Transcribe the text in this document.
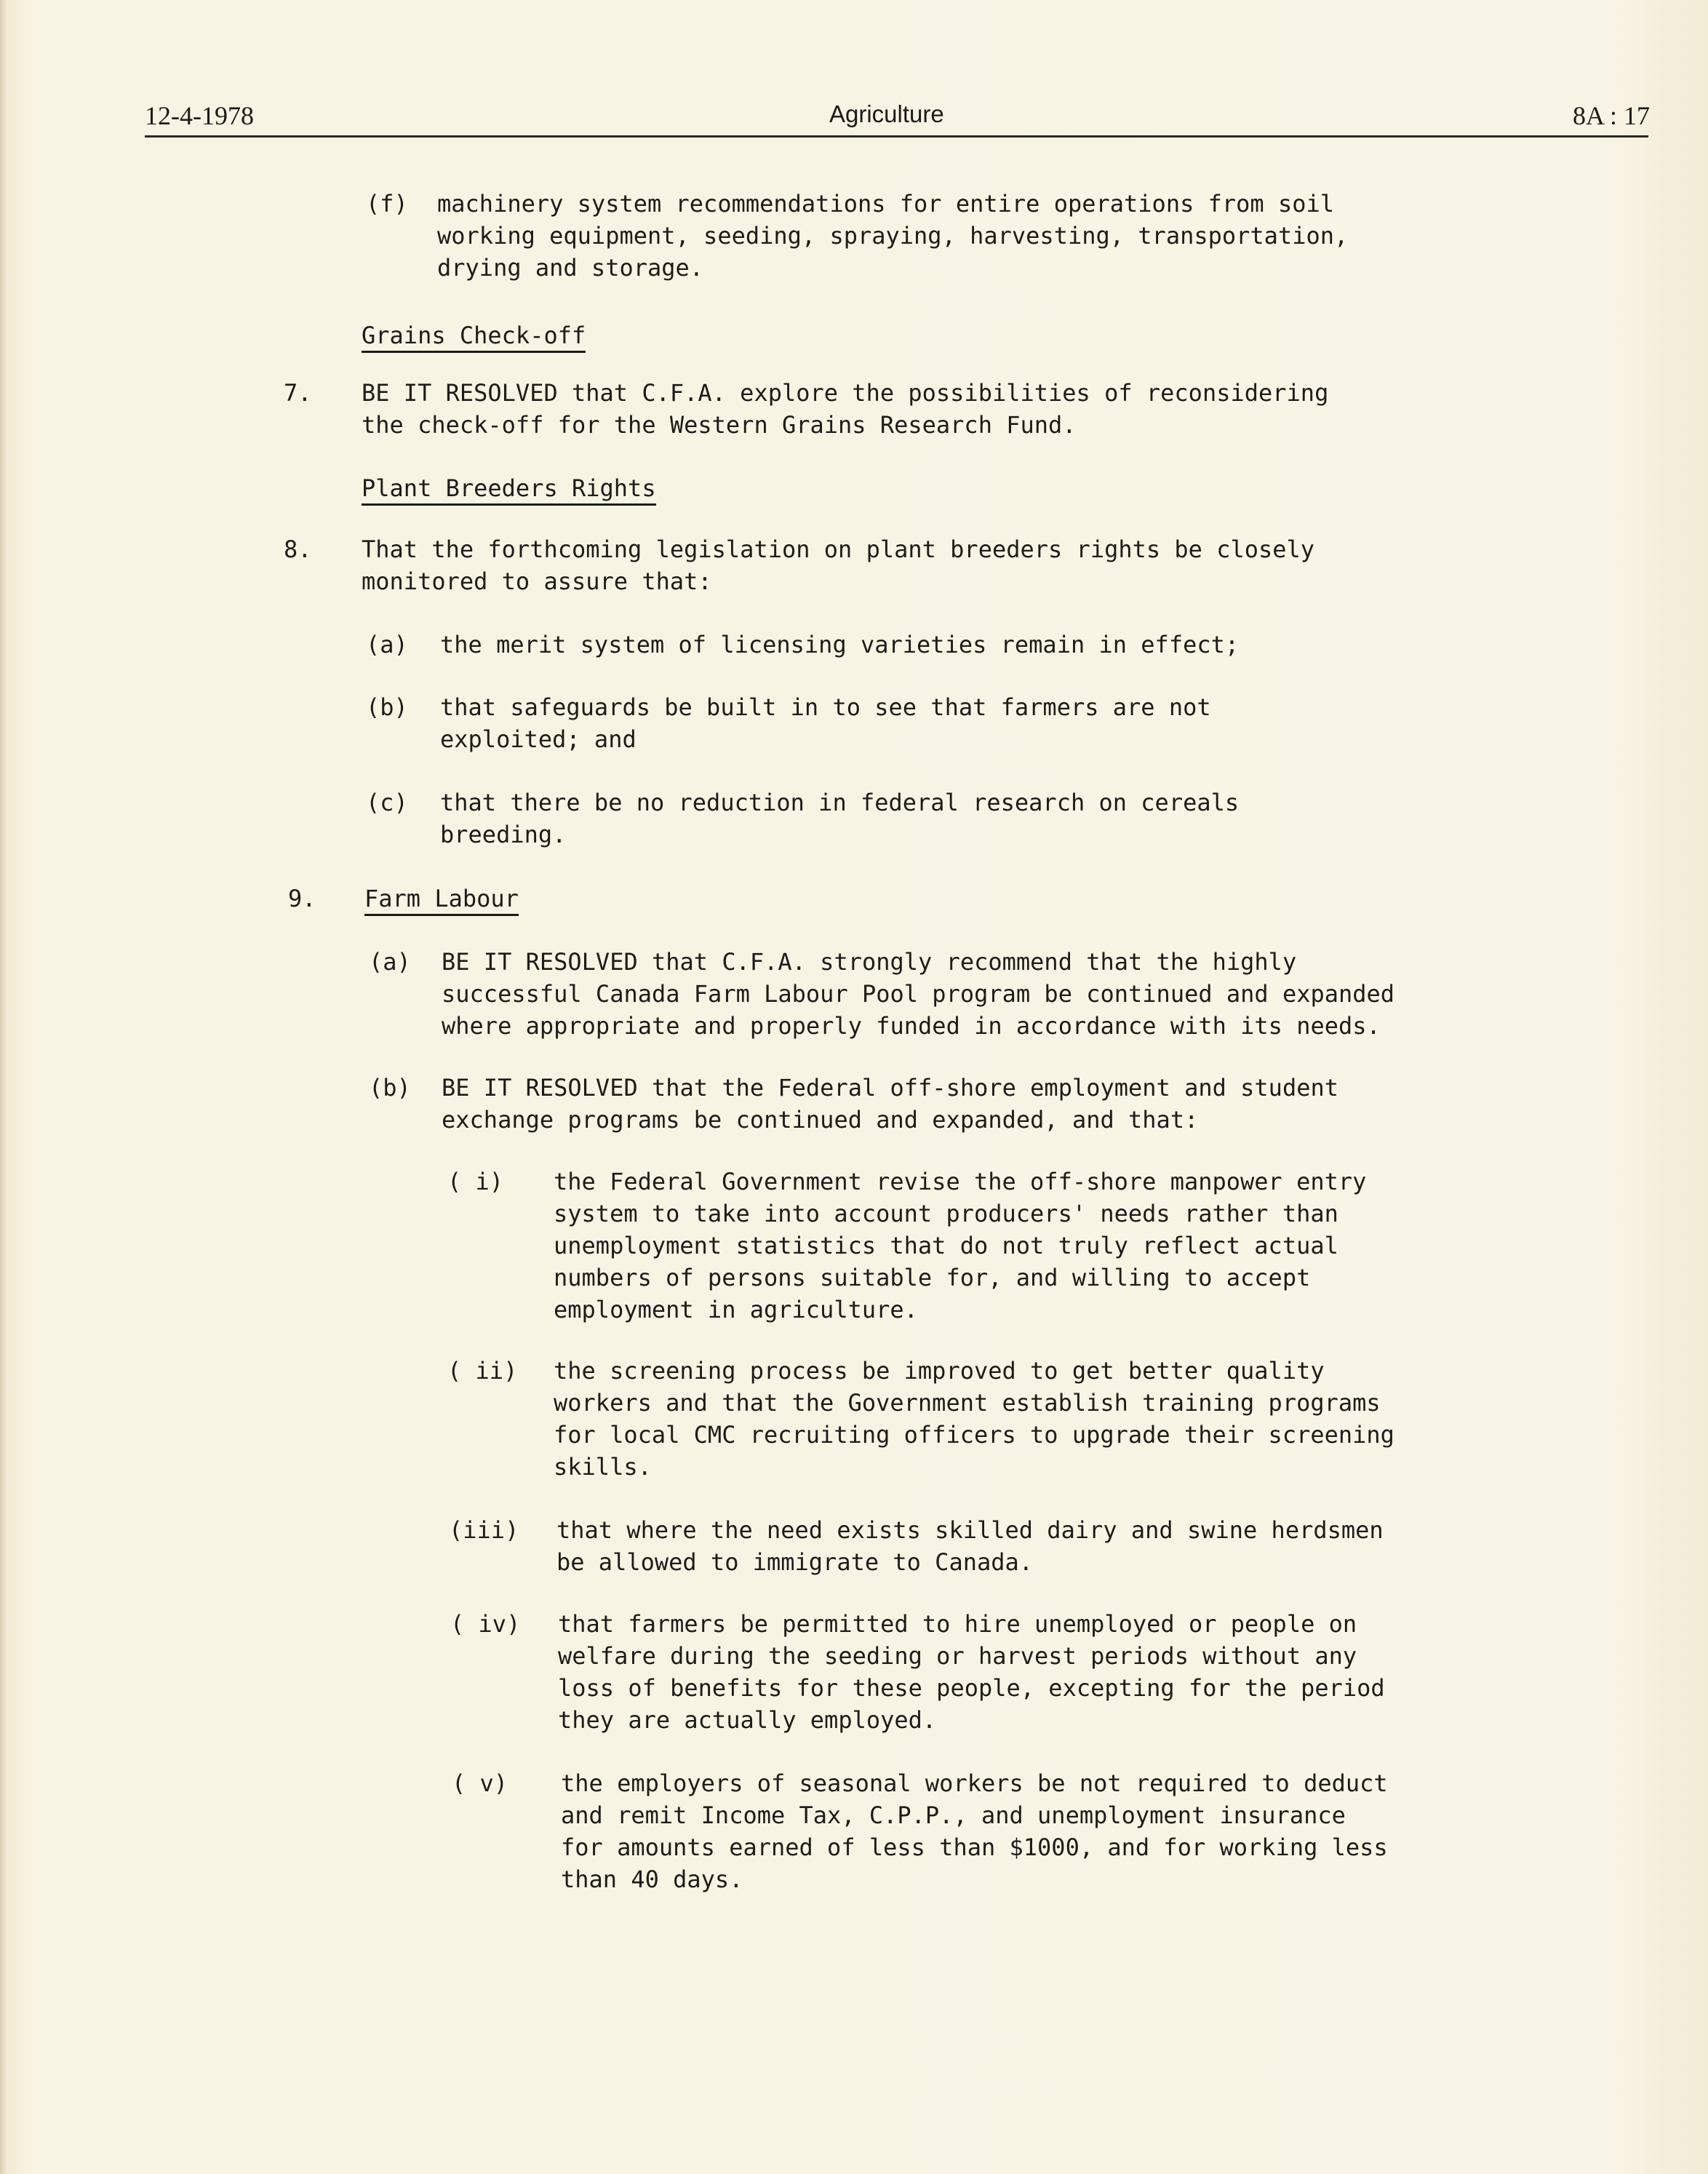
12-4-1978	Agriculture	8A : 17
(f) machinery system recommendations for entire operations from soil
working equipment, seeding, spraying, harvesting, transportation,
drying and storage.
Grains Check-off
7. BE IT RESOLVED that C.F.A. explore the possibilities of reconsidering
the check-off for the Western Grains Research Fund.
Plant Breeders Rights
8. That the forthcoming legislation on plant breeders rights be closely
monitored to assure that:
(a) the merit system of licensing varieties remain in effect;
(b) that safeguards be built in to see that farmers are not
exploited; and
(c) that there be no reduction in federal research on cereals
breeding.
9. Farm Labour
(a) BE IT RESOLVED that C.F.A. strongly recommend that the highly
successful Canada Farm Labour Pool program be continued and expanded
where appropriate and properly funded in accordance with its needs.
(b) BE IT RESOLVED that the Federal off-shore employment and student
exchange programs be continued and expanded, and that:
( i) the Federal Government revise the off-shore manpower entry
system to take into account producers' needs rather than
unemployment statistics that do not truly reflect actual
numbers of persons suitable for, and willing to accept
employment in agriculture.
( ii) the screening process be improved to get better quality
workers and that the Government establish training programs
for local CMC recruiting officers to upgrade their screening
skills.
(iii) that where the need exists skilled dairy and swine herdsmen
be allowed to immigrate to Canada.
( iv) that farmers be permitted to hire unemployed or people on
welfare during the seeding or harvest periods without any
loss of benefits for these people, excepting for the period
they are actually employed.
( v) the employers of seasonal workers be not required to deduct
and remit Income Tax, C.P.P., and unemployment insurance
for amounts earned of less than $1000, and for working less
than 40 days.
